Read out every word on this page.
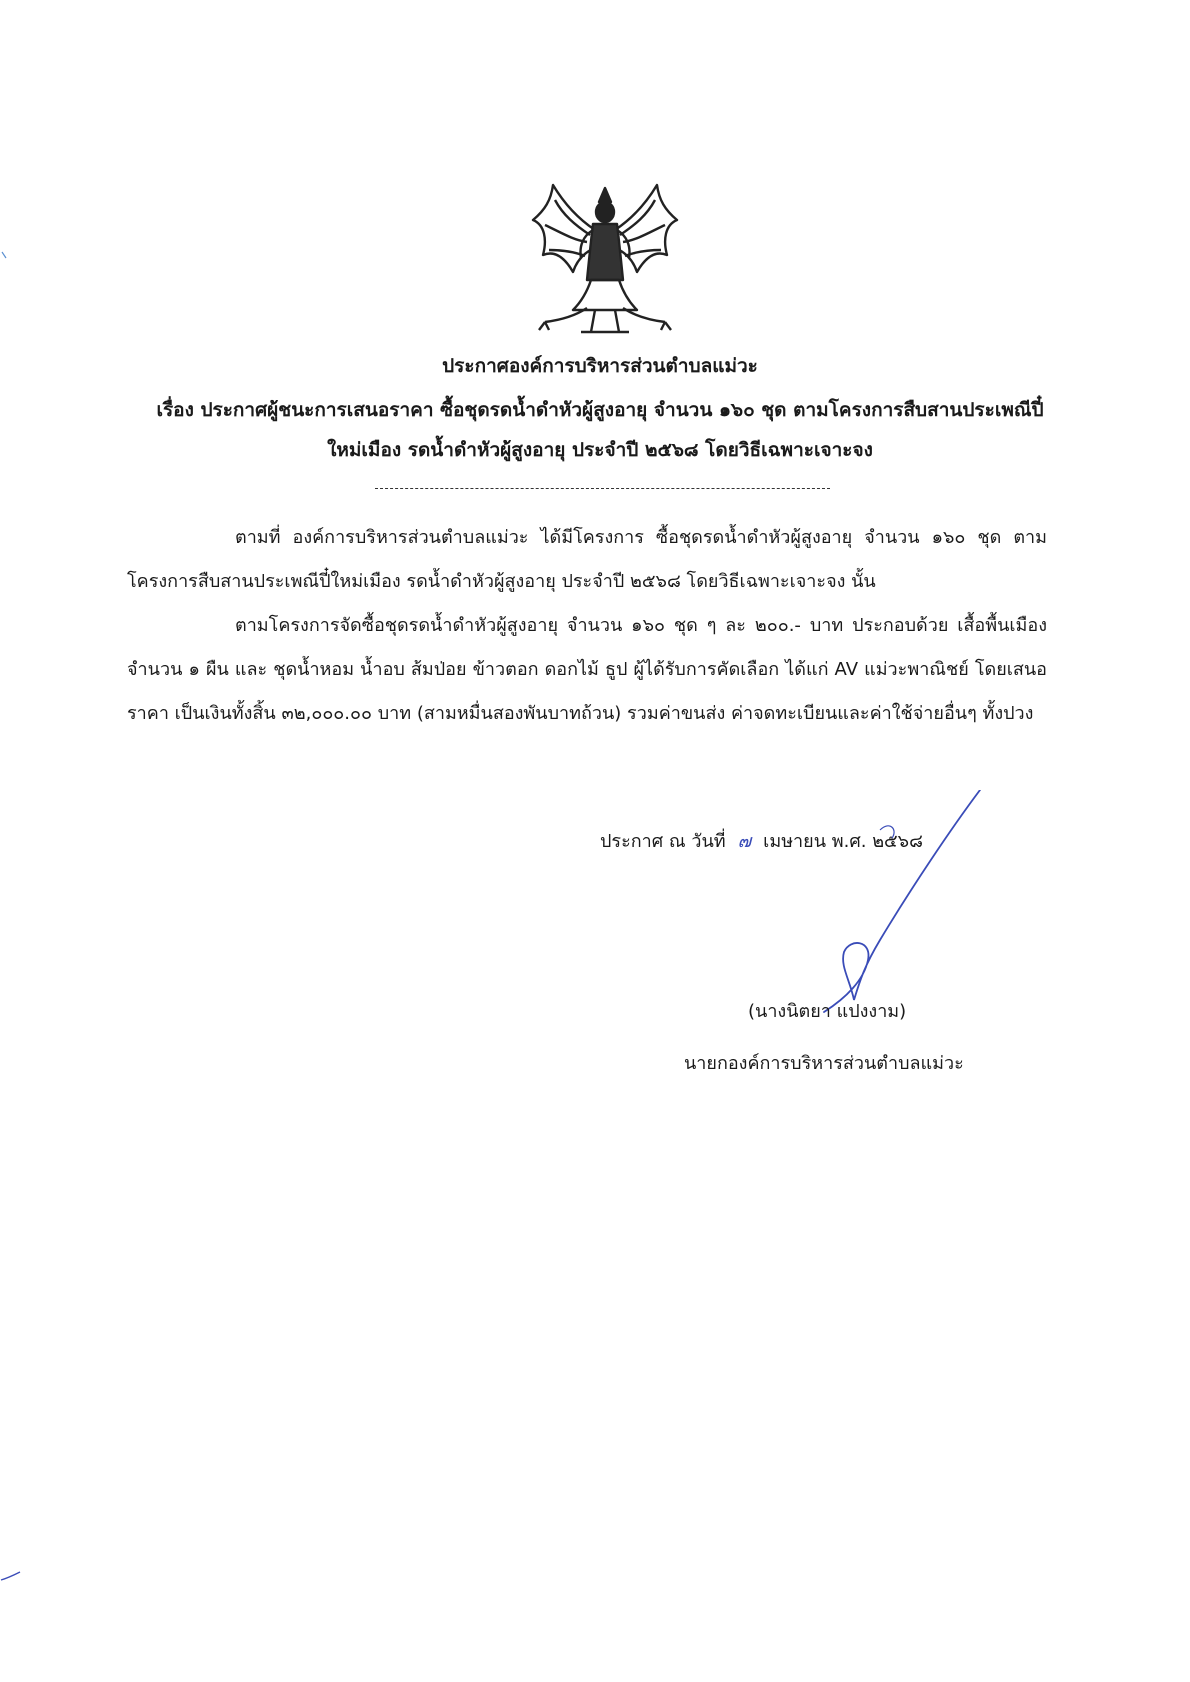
ประกาศองค์การบริหารส่วนตำบลแม่วะ
เรื่อง ประกาศผู้ชนะการเสนอราคา ซื้อชุดรดน้ำดำหัวผู้สูงอายุ จำนวน ๑๖๐ ชุด ตามโครงการสืบสานประเพณีปี๋
ใหม่เมือง รดน้ำดำหัวผู้สูงอายุ ประจำปี ๒๕๖๘ โดยวิธีเฉพาะเจาะจง
ตามที่ องค์การบริหารส่วนตำบลแม่วะ ได้มีโครงการ ซื้อชุดรดน้ำดำหัวผู้สูงอายุ จำนวน ๑๖๐ ชุด ตามโครงการสืบสานประเพณีปี๋ใหม่เมือง รดน้ำดำหัวผู้สูงอายุ ประจำปี ๒๕๖๘ โดยวิธีเฉพาะเจาะจง นั้น
ตามโครงการจัดซื้อชุดรดน้ำดำหัวผู้สูงอายุ จำนวน ๑๖๐ ชุด ๆ ละ ๒๐๐.- บาท ประกอบด้วย เสื้อพื้นเมือง จำนวน ๑ ผืน และ ชุดน้ำหอม น้ำอบ ส้มป่อย ข้าวตอก ดอกไม้ ธูป ผู้ได้รับการคัดเลือก ได้แก่ AV แม่วะพาณิชย์ โดยเสนอราคา เป็นเงินทั้งสิ้น ๓๒,๐๐๐.๐๐ บาท (สามหมื่นสองพันบาทถ้วน) รวมค่าขนส่ง ค่าจดทะเบียนและค่าใช้จ่ายอื่นๆ ทั้งปวง
ประกาศ ณ วันที่ ๗ เมษายน พ.ศ. ๒๕๖๘
(นางนิตยา แปงงาม)
นายกองค์การบริหารส่วนตำบลแม่วะ
